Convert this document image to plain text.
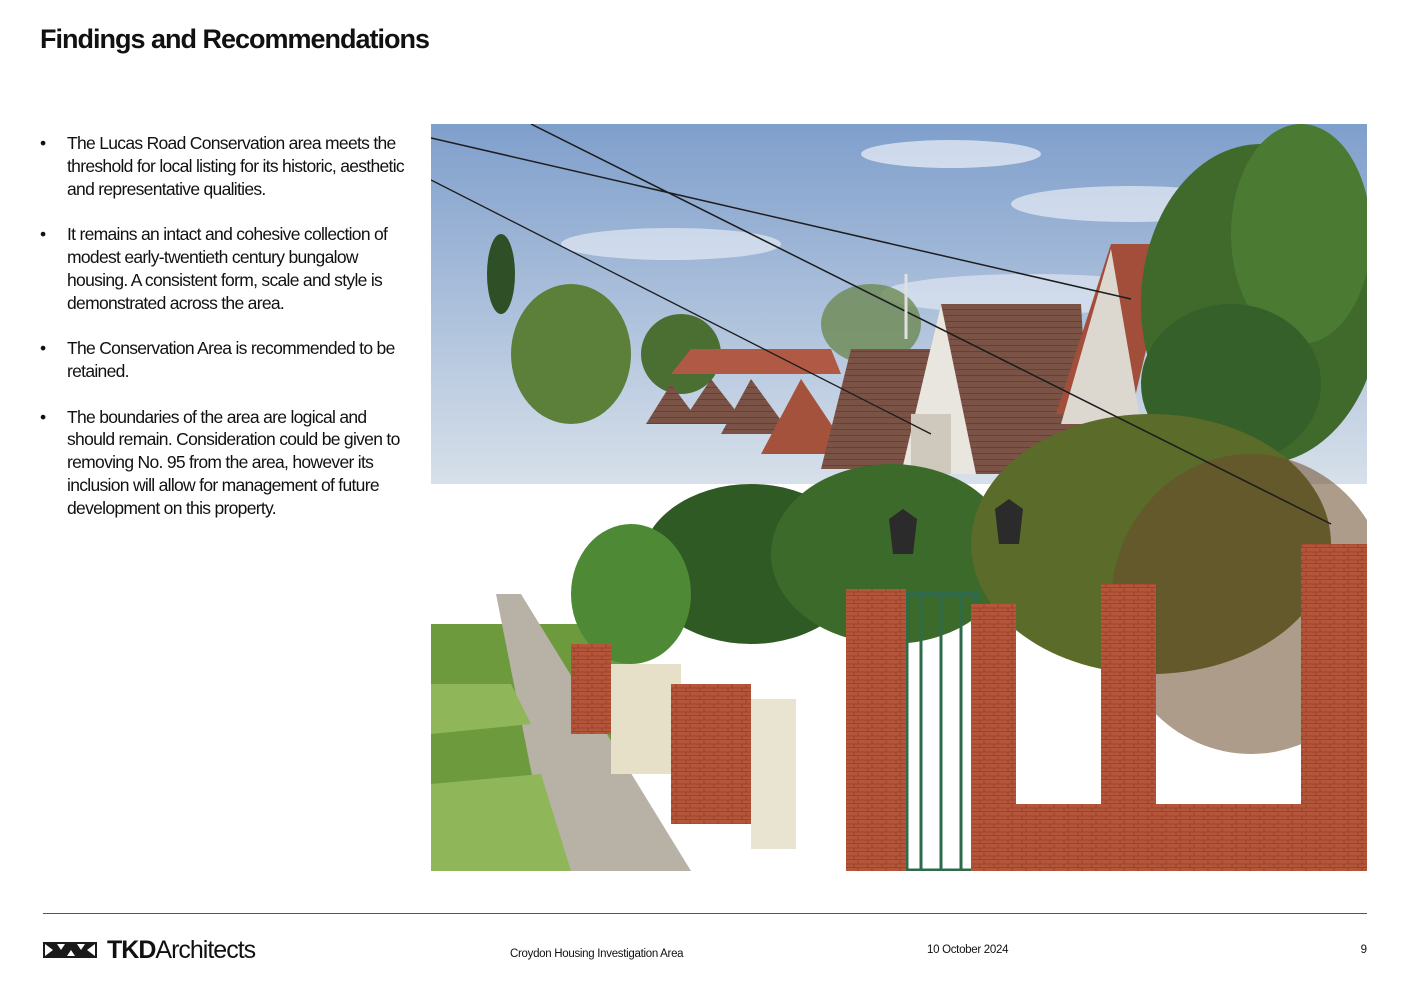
Findings and Recommendations
• The Lucas Road Conservation area meets the threshold for local listing for its historic, aesthetic and representative qualities.
• It remains an intact and cohesive collection of modest early-twentieth century bungalow housing. A consistent form, scale and style is demonstrated across the area.
• The Conservation Area is recommended to be retained.
• The boundaries of the area are logical and should remain. Consideration could be given to removing No. 95 from the area, however its inclusion will allow for management of future development on this property.
TKDArchitects	Croydon Housing Investigation Area	10 October 2024	9
